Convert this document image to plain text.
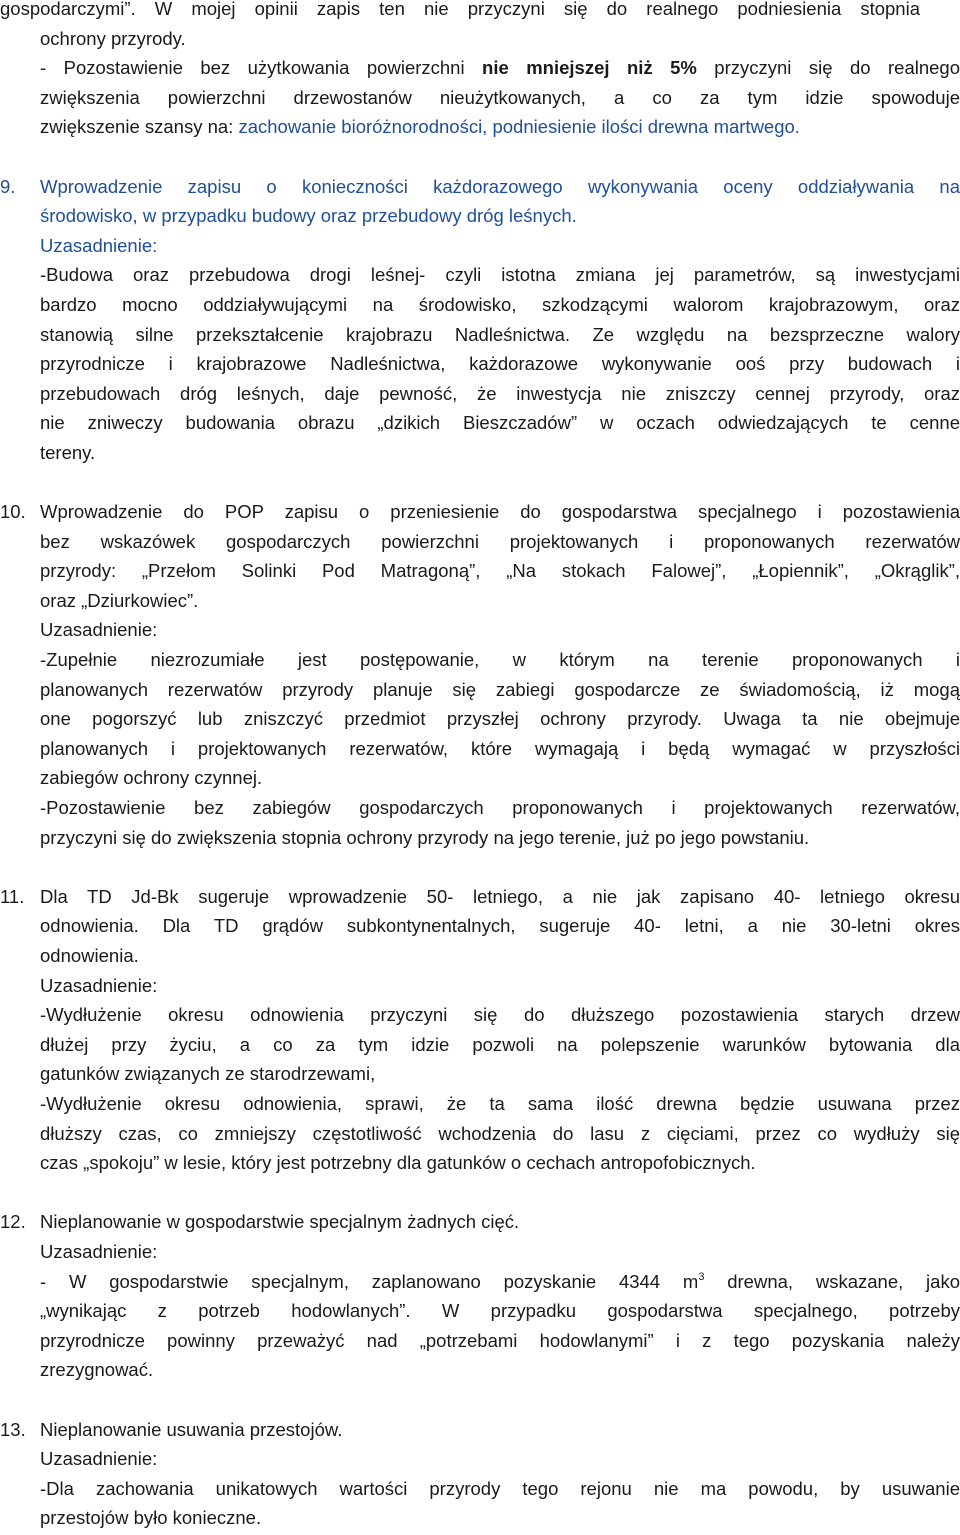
gospodarczymi”. W mojej opinii zapis ten nie przyczyni się do realnego podniesienia stopnia
ochrony przyrody.
- Pozostawienie bez użytkowania powierzchni nie mniejszej niż 5% przyczyni się do realnego
zwiększenia powierzchni drzewostanów nieużytkowanych, a co za tym idzie spowoduje
zwiększenie szansy na: zachowanie bioróżnorodności, podniesienie ilości drewna martwego.
9.	Wprowadzenie zapisu o konieczności każdorazowego wykonywania oceny oddziaływania na
środowisko, w przypadku budowy oraz przebudowy dróg leśnych.
Uzasadnienie:
-Budowa oraz przebudowa drogi leśnej- czyli istotna zmiana jej parametrów, są inwestycjami
bardzo mocno oddziaływującymi na środowisko, szkodzącymi walorom krajobrazowym, oraz
stanowią silne przekształcenie krajobrazu Nadleśnictwa. Ze względu na bezsprzeczne walory
przyrodnicze i krajobrazowe Nadleśnictwa, każdorazowe wykonywanie ooś przy budowach i
przebudowach dróg leśnych, daje pewność, że inwestycja nie zniszczy cennej przyrody, oraz
nie zniweczy budowania obrazu „dzikich Bieszczadów” w oczach odwiedzających te cenne
tereny.
10. Wprowadzenie do POP zapisu o przeniesienie do gospodarstwa specjalnego i pozostawienia
bez wskazówek gospodarczych powierzchni projektowanych i proponowanych rezerwatów
przyrody: „Przełom Solinki Pod Matragoną”, „Na stokach Falowej”, „Łopiennik”, „Okrąglik”,
oraz „Dziurkowiec”.
Uzasadnienie:
-Zupełnie niezrozumiałe jest postępowanie, w którym na terenie proponowanych i
planowanych rezerwatów przyrody planuje się zabiegi gospodarcze ze świadomością, iż mogą
one pogorszyć lub zniszczyć przedmiot przyszłej ochrony przyrody. Uwaga ta nie obejmuje
planowanych i projektowanych rezerwatów, które wymagają i będą wymagać w przyszłości
zabiegów ochrony czynnej.
-Pozostawienie bez zabiegów gospodarczych proponowanych i projektowanych rezerwatów,
przyczyni się do zwiększenia stopnia ochrony przyrody na jego terenie, już po jego powstaniu.
11. Dla TD Jd-Bk sugeruje wprowadzenie 50- letniego, a nie jak zapisano 40- letniego okresu
odnowienia. Dla TD grądów subkontynentalnych, sugeruje 40- letni, a nie 30-letni okres
odnowienia.
Uzasadnienie:
-Wydłużenie okresu odnowienia przyczyni się do dłuższego pozostawienia starych drzew
dłużej przy życiu, a co za tym idzie pozwoli na polepszenie warunków bytowania dla
gatunków związanych ze starodrzewami,
-Wydłużenie okresu odnowienia, sprawi, że ta sama ilość drewna będzie usuwana przez
dłuższy czas, co zmniejszy częstotliwość wchodzenia do lasu z cięciami, przez co wydłuży się
czas „spokoju” w lesie, który jest potrzebny dla gatunków o cechach antropofobicznych.
12. Nieplanowanie w gospodarstwie specjalnym żadnych cięć.
Uzasadnienie:
- W gospodarstwie specjalnym, zaplanowano pozyskanie 4344 $m^3$ drewna, wskazane, jako
„wynikając z potrzeb hodowlanych”. W przypadku gospodarstwa specjalnego, potrzeby
przyrodnicze powinny przeważyć nad „potrzebami hodowlanymi” i z tego pozyskania należy
zrezygnować.
13. Nieplanowanie usuwania przestojów.
Uzasadnienie:
-Dla zachowania unikatowych wartości przyrody tego rejonu nie ma powodu, by usuwanie
przestojów było konieczne.
